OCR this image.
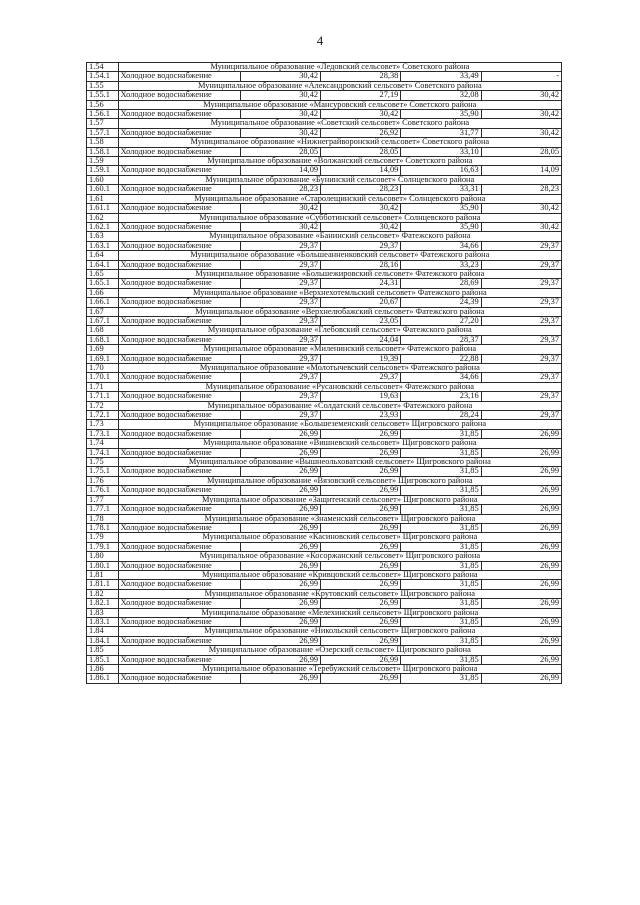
4
1.54	Муниципальное образование «Ледовский сельсовет» Советского района				
1.54.1	Холодное водоснабжение	30,42	28,38	33,49	-
1.55	Муниципальное образование «Александровский сельсовет» Советского района				
1.55.1	Холодное водоснабжение	30,42	27,19	32,08	30,42
1.56	Муниципальное образование «Мансуровский сельсовет» Советского района				
1.56.1	Холодное водоснабжение	30,42	30,42	35,90	30,42
1.57	Муниципальное образование «Советский сельсовет» Советского района				
1.57.1	Холодное водоснабжение	30,42	26,92	31,77	30,42
1.58	Муниципальное образование «Нижнеграйворонский сельсовет» Советского района				
1.58.1	Холодное водоснабжение	28,05	28,05	33,10	28,05
1.59	Муниципальное образование «Волжанский сельсовет» Советского района				
1.59.1	Холодное водоснабжение	14,09	14,09	16,63	14,09
1.60	Муниципальное образование «Бунинский сельсовет» Солнцевского района				
1.60.1	Холодное водоснабжение	28,23	28,23	33,31	28,23
1.61	Муниципальное образование «Старолещинский сельсовет» Солнцевского района				
1.61.1	Холодное водоснабжение	30,42	30,42	35,90	30,42
1.62	Муниципальное образование «Субботинский сельсовет» Солнцевского района				
1.62.1	Холодное водоснабжение	30,42	30,42	35,90	30,42
1.63	Муниципальное образование «Банинский сельсовет» Фатежского района				
1.63.1	Холодное водоснабжение	29,37	29,37	34,66	29,37
1.64	Муниципальное образование «Большеанненковский сельсовет» Фатежского района				
1.64.1	Холодное водоснабжение	29,37	28,16	33,23	29,37
1.65	Муниципальное образование «Большежировский сельсовет» Фатежского района				
1.65.1	Холодное водоснабжение	29,37	24,31	28,69	29,37
1.66	Муниципальное образование «Верхнехотемльский сельсовет» Фатежского района				
1.66.1	Холодное водоснабжение	29,37	20,67	24,39	29,37
1.67	Муниципальное образование «Верхнелюбажский сельсовет» Фатежского района				
1.67.1	Холодное водоснабжение	29,37	23,05	27,20	29,37
1.68	Муниципальное образование «Глебовский сельсовет» Фатежского района				
1.68.1	Холодное водоснабжение	29,37	24,04	28,37	29,37
1.69	Муниципальное образование «Миленинский сельсовет» Фатежского района				
1.69.1	Холодное водоснабжение	29,37	19,39	22,88	29,37
1.70	Муниципальное образование «Молотычевский сельсовет» Фатежского района				
1.70.1	Холодное водоснабжение	29,37	29,37	34,66	29,37
1.71	Муниципальное образование «Русановский сельсовет» Фатежского района				
1.71.1	Холодное водоснабжение	29,37	19,63	23,16	29,37
1.72	Муниципальное образование «Солдатский сельсовет» Фатежского района				
1.72.1	Холодное водоснабжение	29,37	23,93	28,24	29,37
1.73	Муниципальное образование «Большеземенский сельсовет» Щигровского района				
1.73.1	Холодное водоснабжение	26,99	26,99	31,85	26,99
1.74	Муниципальное образование «Вишневский сельсовет» Щигровского района				
1.74.1	Холодное водоснабжение	26,99	26,99	31,85	26,99
1.75	Муниципальное образование «Вышнеольховатский сельсовет» Щигровского района				
1.75.1	Холодное водоснабжение	26,99	26,99	31,85	26,99
1.76	Муниципальное образование «Вязовский сельсовет» Щигровского района				
1.76.1	Холодное водоснабжение	26,99	26,99	31,85	26,99
1.77	Муниципальное образование «Защитенский сельсовет» Щигровского района				
1.77.1	Холодное водоснабжение	26,99	26,99	31,85	26,99
1.78	Муниципальное образование «Знаменский сельсовет» Щигровского района				
1.78.1	Холодное водоснабжение	26,99	26,99	31,85	26,99
1.79	Муниципальное образование «Касиновский сельсовет» Щигровского района				
1.79.1	Холодное водоснабжение	26,99	26,99	31,85	26,99
1.80	Муниципальное образование «Косоржанский сельсовет» Щигровского района				
1.80.1	Холодное водоснабжение	26,99	26,99	31,85	26,99
1.81	Муниципальное образование «Кривцовский сельсовет» Щигровского района				
1.81.1	Холодное водоснабжение	26,99	26,99	31,85	26,99
1.82	Муниципальное образование «Крутовский сельсовет» Щигровского района				
1.82.1	Холодное водоснабжение	26,99	26,99	31,85	26,99
1.83	Муниципальное образование «Мелехинский сельсовет» Щигровского района				
1.83.1	Холодное водоснабжение	26,99	26,99	31,85	26,99
1.84	Муниципальное образование «Никольский сельсовет» Щигровского района				
1.84.1	Холодное водоснабжение	26,99	26,99	31,85	26,99
1.85	Муниципальное образование «Озерский сельсовет» Щигровского района				
1.85.1	Холодное водоснабжение	26,99	26,99	31,85	26,99
1.86	Муниципальное образование «Теребужский сельсовет» Щигровского района				
1.86.1	Холодное водоснабжение	26,99	26,99	31,85	26,99
